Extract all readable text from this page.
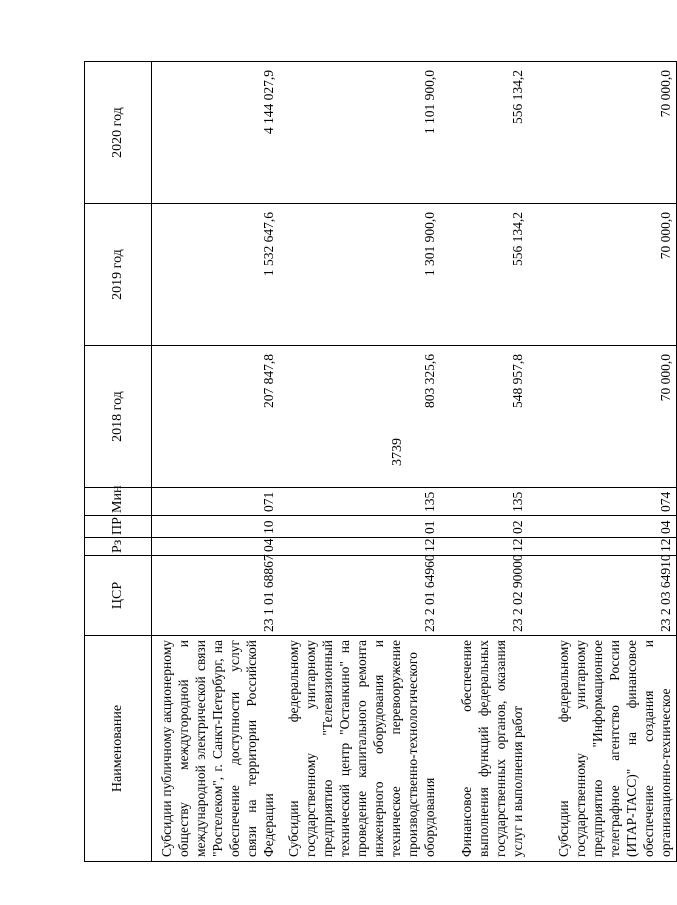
3739
Наименование	ЦСР	Рз	ПР	Мин	2018 год	2019 год	2020 год
Субсидии публичному акционерному обществу междугородной и международной электрической связи "Ростелеком", г. Санкт-Петербург, на обеспечение доступности услуг связи на территории Российской Федерации	23 1 01 68867	04	10	071	207 847,8	1 532 647,6	4 144 027,9
Субсидии федеральному государственному унитарному предприятию "Телевизионный технический центр "Останкино" на проведение капитального ремонта инженерного оборудования и техническое перевооружение производственно-технологического оборудования	23 2 01 64960	12	01	135	803 325,6	1 301 900,0	1 101 900,0
Финансовое обеспечение выполнения функций федеральных государственных органов, оказания услуг и выполнения работ	23 2 02 90000	12	02	135	548 957,8	556 134,2	556 134,2
Субсидии федеральному государственному унитарному предприятию "Информационное телеграфное агентство России (ИТАР-ТАСС)" на финансовое обеспечение создания и организационно-техническое	23 2 03 64910	12	04	074	70 000,0	70 000,0	70 000,0
